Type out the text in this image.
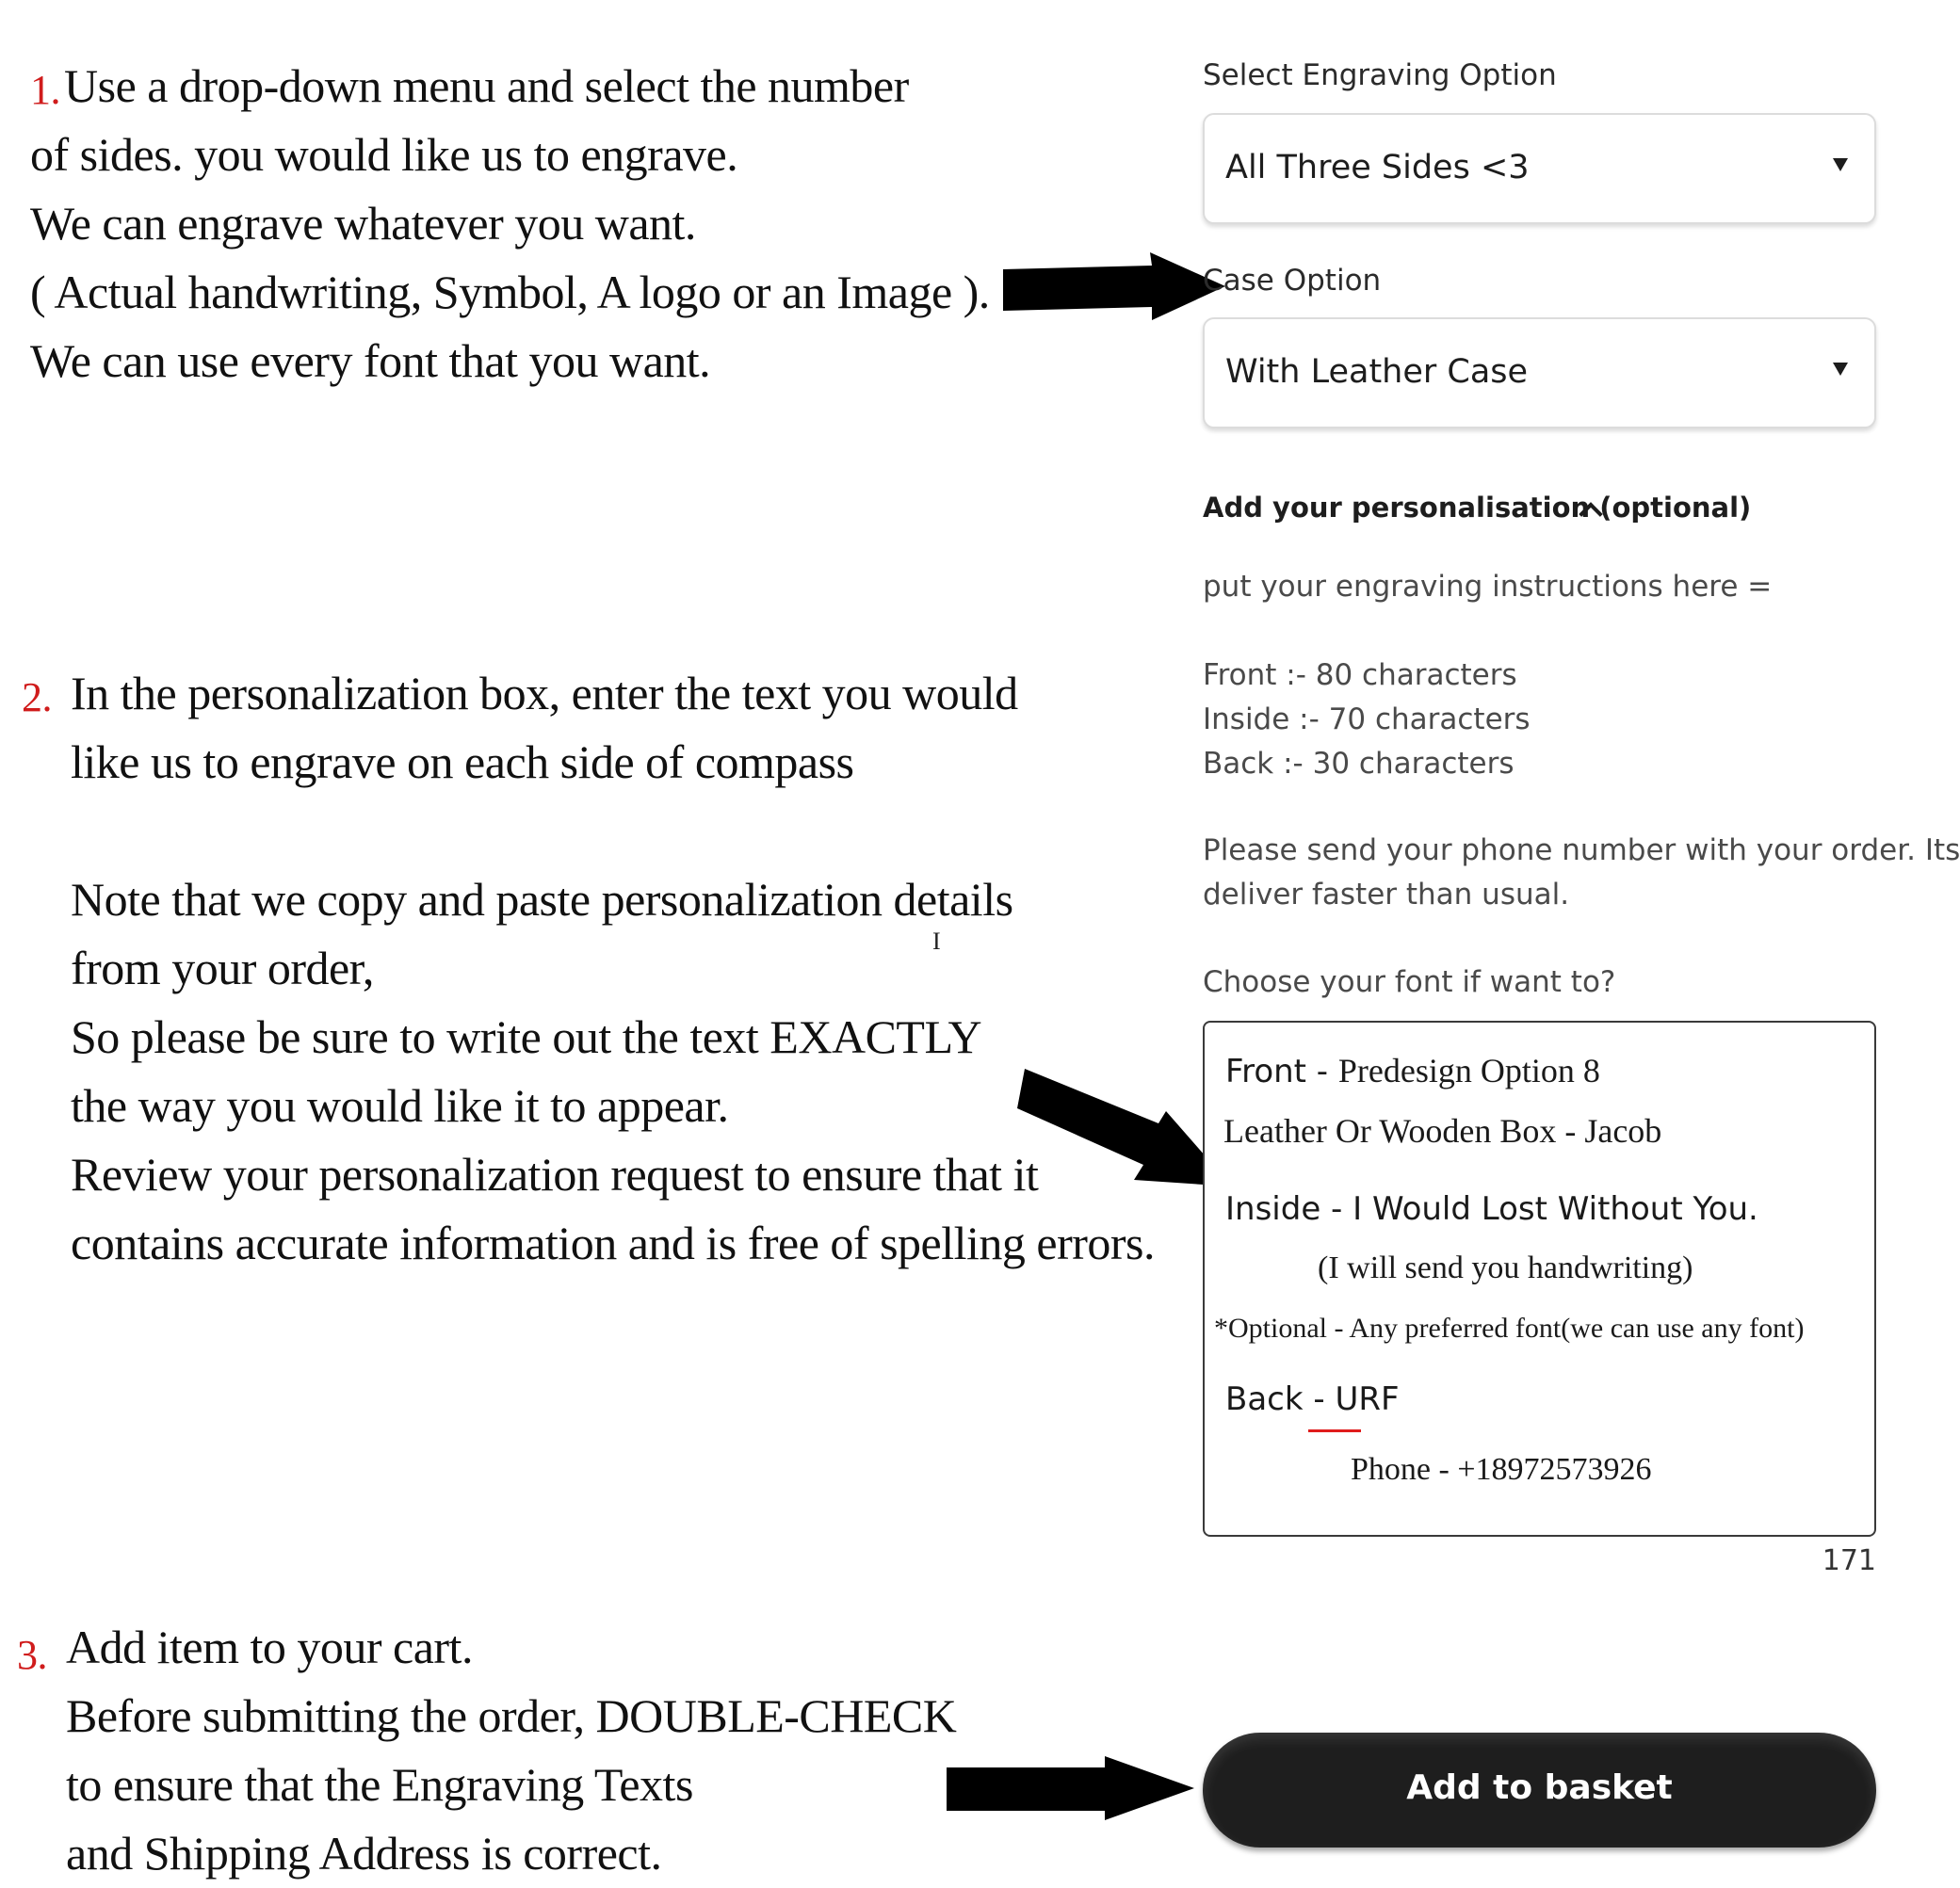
1. Use a drop-down menu and select the number
of sides. you would like us to engrave.
We can engrave whatever you want.
( Actual handwriting, Symbol, A logo or an Image ).
We can use every font that you want.
2. In the personalization box, enter the text you would
like us to engrave on each side of compass
Note that we copy and paste personalization details
from your order,
So please be sure to write out the text EXACTLY
the way you would like it to appear.
Review your personalization request to ensure that it
contains accurate information and is free of spelling errors.
I
3. Add item to your cart.
Before submitting the order, DOUBLE-CHECK
to ensure that the Engraving Texts
and Shipping Address is correct.
Select Engraving Option
All Three Sides <3
Case Option
With Leather Case
Add your personalisation (optional)
put your engraving instructions here =
Front :- 80 characters
Inside :- 70 characters
Back :- 30 characters
Please send your phone number with your order. Its
deliver faster than usual.
Choose your font if want to?
Front - Predesign Option 8
Leather Or Wooden Box - Jacob
Inside - I Would Lost Without You.
(I will send you handwriting)
*Optional - Any preferred font(we can use any font)
Back - URF
Phone - +18972573926
171
Add to basket
